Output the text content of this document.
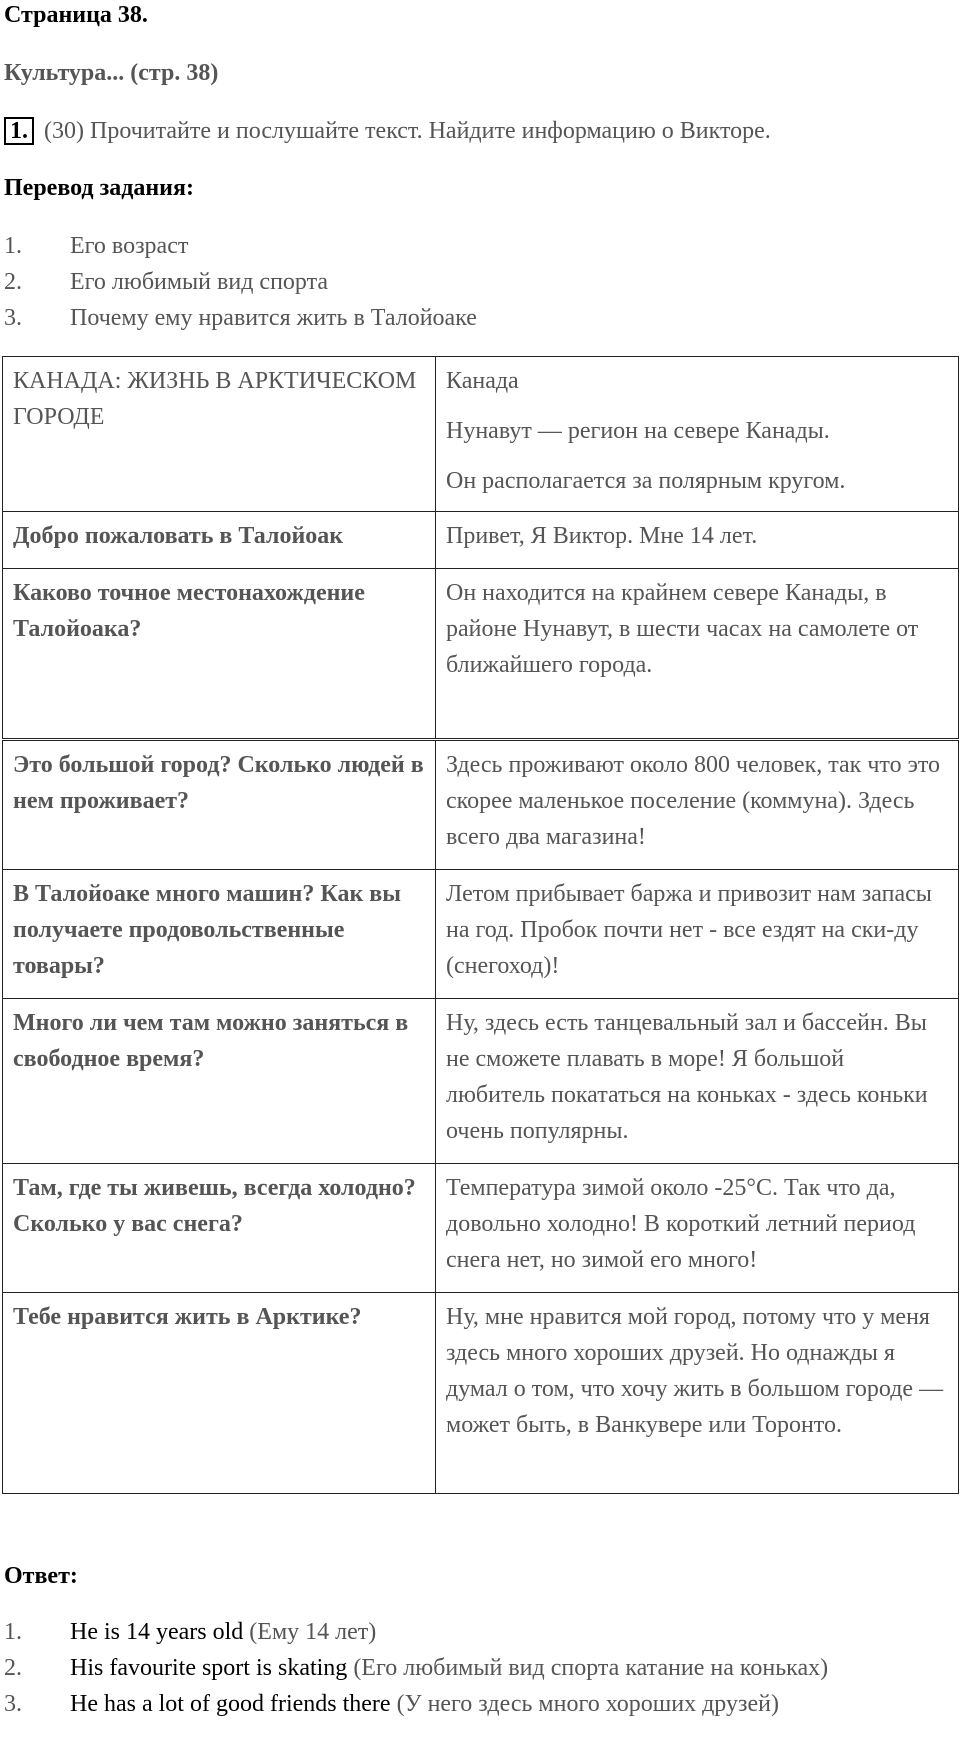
Страница 38.
Культура... (стр. 38)
1. (30) Прочитайте и послушайте текст. Найдите информацию о Викторе.
Перевод задания:
1. Его возраст
2. Его любимый вид спорта
3. Почему ему нравится жить в Талойоаке
КАНАДА: ЖИЗНЬ В АРКТИЧЕСКОМ ГОРОДЕ	Канада

Нунавут — регион на севере Канады.

Он располагается за полярным кругом.

Добро пожаловать в Талойоак	Привет, Я Виктор. Мне 14 лет.

Каково точное местонахождение Талойоака?	Он находится на крайнем севере Канады, в районе Нунавут, в шести часах на самолете от ближайшего города.

Это большой город? Сколько людей в нем проживает?	Здесь проживают около 800 человек, так что это скорее маленькое поселение (коммуна). Здесь всего два магазина!
В Талойоаке много машин? Как вы получаете продовольственные товары?	Летом прибывает баржа и привозит нам запасы на год. Пробок почти нет - все ездят на ски-ду (снегоход)!
Много ли чем там можно заняться в свободное время?	Ну, здесь есть танцевальный зал и бассейн. Вы не сможете плавать в море! Я большой любитель покататься на коньках - здесь коньки очень популярны.
Там, где ты живешь, всегда холодно? Сколько у вас снега?	Температура зимой около -25°C. Так что да, довольно холодно! В короткий летний период снега нет, но зимой его много!
Тебе нравится жить в Арктике?	Ну, мне нравится мой город, потому что у меня здесь много хороших друзей. Но однажды я думал о том, что хочу жить в большом городе — может быть, в Ванкувере или Торонто.
Ответ:
1. He is 14 years old (Ему 14 лет)
2. His favourite sport is skating (Его любимый вид спорта катание на коньках)
3. He has a lot of good friends there (У него здесь много хороших друзей)
